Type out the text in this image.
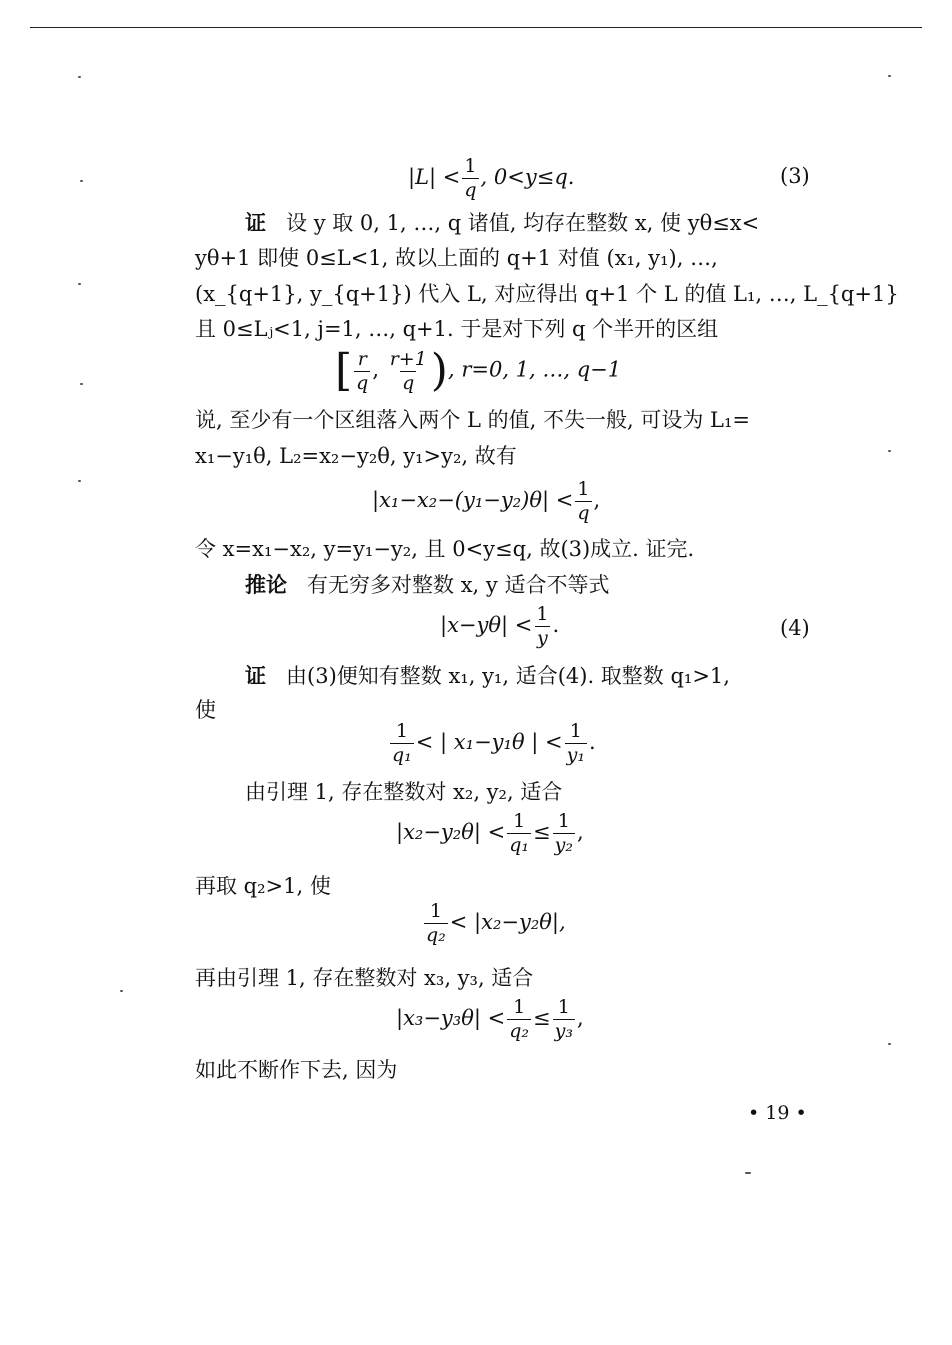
$|L| < \frac{1}{q}$ , 0<y≤q.	(3)
证 设 y 取 0, 1, …, q 诸值, 均存在整数 x, 使 yθ≤x<
yθ+1 即使 0≤L<1, 故以上面的 q+1 对值 (x₁, y₁), …,
(x_{q+1}, y_{q+1}) 代入 L, 对应得出 q+1 个 L 的值 L₁, …, L_{q+1}
且 0≤Lⱼ<1, j=1, …, q+1. 于是对下列 q 个半开的区组
[ $\frac{r}{q}$ , $\frac{r+1}{q}$ ), r=0, 1, …, q−1
说, 至少有一个区组落入两个 L 的值, 不失一般, 可设为 L₁=
x₁−y₁θ, L₂=x₂−y₂θ, y₁>y₂, 故有
$|x_1-x_2-(y_1-y_2)\theta| < \frac{1}{q}$ ,
令 x=x₁−x₂, y=y₁−y₂, 且 0<y≤q, 故(3)成立. 证完.
推论 有无穷多对整数 x, y 适合不等式
$|x-y\theta| < \frac{1}{y}$ .	(4)
证 由(3)便知有整数 x₁, y₁, 适合(4). 取整数 q₁>1,
使
$\frac{1}{\text{q₁}}$ < | x₁−y₁θ | < $\frac{1}{\text{y₁}}$ .
由引理 1, 存在整数对 x₂, y₂, 适合
$|x_2-y_2\theta| < \frac{1}{\text{q₁}} \le \frac{1}{\text{y₂}}$ ,
再取 q₂>1, 使
$\frac{1}{\text{q₂}} < |x_2-y_2\theta|$,
再由引理 1, 存在整数对 x₃, y₃, 适合
$|x_3-y_3\theta| < \frac{1}{\text{q₂}} \le \frac{1}{\text{y₃}}$ ,
如此不断作下去, 因为
• 19 •
